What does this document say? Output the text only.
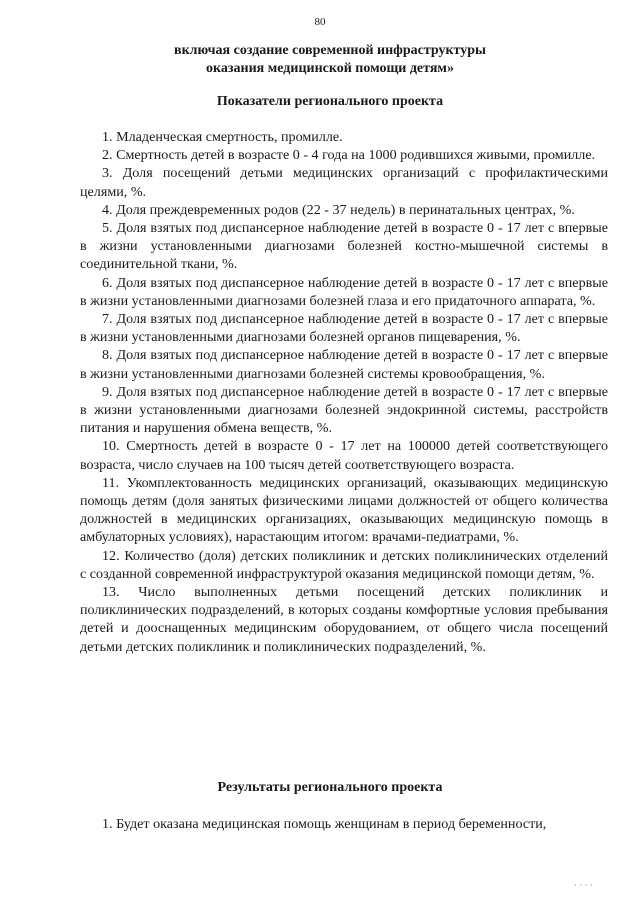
80
включая создание современной инфраструктуры
оказания медицинской помощи детям»
Показатели регионального проекта

1. Младенческая смертность, промилле.

2. Смертность детей в возрасте 0 - 4 года на 1000 родившихся живыми, промилле.

3. Доля посещений детьми медицинских организаций с профилактическими целями, %.

4. Доля преждевременных родов (22 - 37 недель) в перинатальных центрах, %.

5. Доля взятых под диспансерное наблюдение детей в возрасте 0 - 17 лет с впервые в жизни установленными диагнозами болезней костно-мышечной системы в соединительной ткани, %.

6. Доля взятых под диспансерное наблюдение детей в возрасте 0 - 17 лет с впервые в жизни установленными диагнозами болезней глаза и его придаточного аппарата, %.

7. Доля взятых под диспансерное наблюдение детей в возрасте 0 - 17 лет с впервые в жизни установленными диагнозами болезней органов пищеварения, %.

8. Доля взятых под диспансерное наблюдение детей в возрасте 0 - 17 лет с впервые в жизни установленными диагнозами болезней системы кровообращения, %.

9. Доля взятых под диспансерное наблюдение детей в возрасте 0 - 17 лет с впервые в жизни установленными диагнозами болезней эндокринной системы, расстройств питания и нарушения обмена веществ, %.

10. Смертность детей в возрасте 0 - 17 лет на 100000 детей соответствующего возраста, число случаев на 100 тысяч детей соответствующего возраста.

11. Укомплектованность медицинских организаций, оказывающих медицинскую помощь детям (доля занятых физическими лицами должностей от общего количества должностей в медицинских организациях, оказывающих медицинскую помощь в амбулаторных условиях), нарастающим итогом: врачами-педиатрами, %.

12. Количество (доля) детских поликлиник и детских поликлинических отделений с созданной современной инфраструктурой оказания медицинской помощи детям, %.

13. Число выполненных детьми посещений детских поликлиник и поликлинических подразделений, в которых созданы комфортные условия пребывания детей и дооснащенных медицинским оборудованием, от общего числа посещений детьми детских поликлиник и поликлинических подразделений, %.

Результаты регионального проекта

1. Будет оказана медицинская помощь женщинам в период беременности,

· · · ·
